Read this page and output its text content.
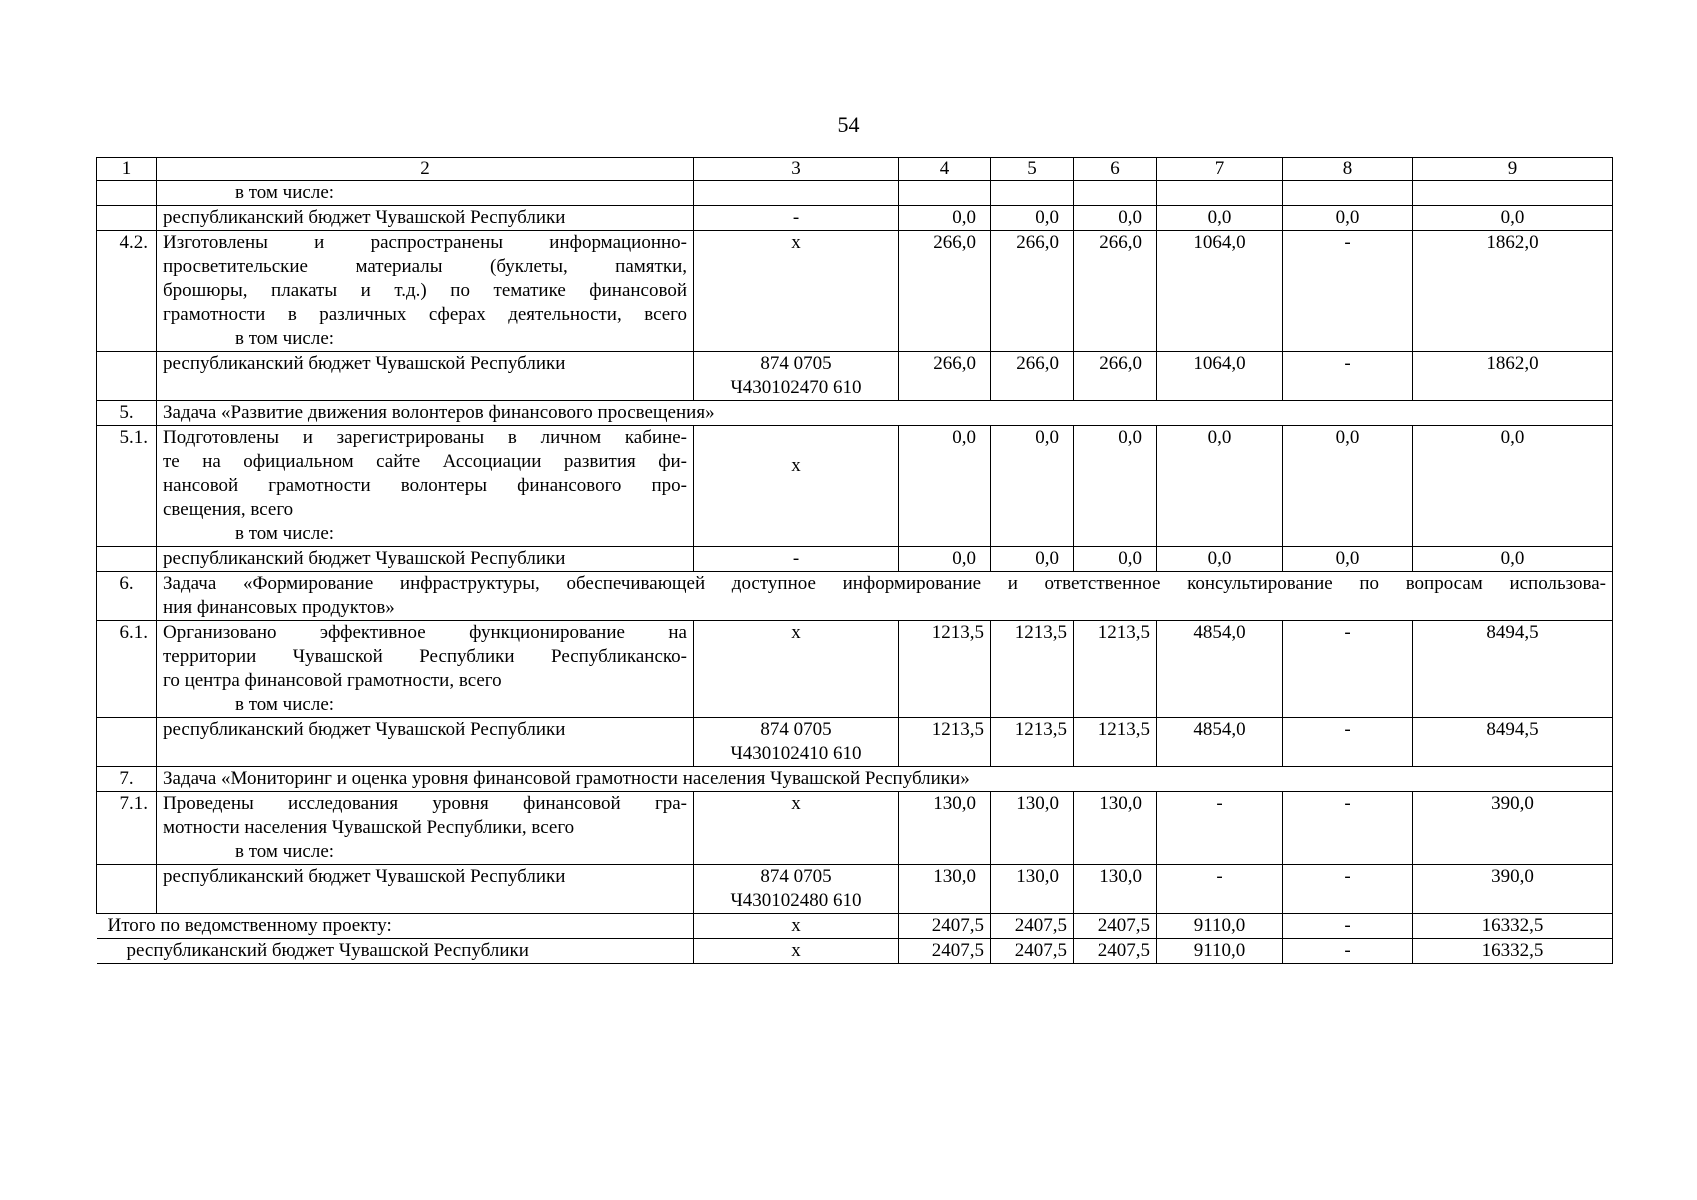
54
1	2	3	4	5	6	7	8	9

	в том числе:							

	республиканский бюджет Чувашской Республики	-	0,0	0,0	0,0	0,0	0,0	0,0
4.2.	Изготовлены и распространены информационно-
просветительские материалы (буклеты, памятки,
брошюры, плакаты и т.д.) по тематике финансовой
грамотности в различных сферах деятельности, всего
в том числе:	х	266,0	266,0	266,0	1064,0	-	1862,0
	республиканский бюджет Чувашской Республики	874 0705
Ч430102470 610	266,0	266,0	266,0	1064,0	-	1862,0
5.	Задача «Развитие движения волонтеров финансового просвещения»							
5.1.	Подготовлены и зарегистрированы в личном кабине-
те на официальном сайте Ассоциации развития фи-
нансовой грамотности волонтеры финансового про-
свещения, всего
в том числе:	х	0,0	0,0	0,0	0,0	0,0	0,0
	республиканский бюджет Чувашской Республики	-	0,0	0,0	0,0	0,0	0,0	0,0
6.	Задача «Формирование инфраструктуры, обеспечивающей доступное информирование и ответственное консультирование по вопросам использова-
ния финансовых продуктов»							

6.1.	Организовано эффективное функционирование на
территории Чувашской Республики Республиканско-
го центра финансовой грамотности, всего
в том числе:	х	1213,5	1213,5	1213,5	4854,0	-	8494,5
	республиканский бюджет Чувашской Республики	874 0705
Ч430102410 610	1213,5	1213,5	1213,5	4854,0	-	8494,5
7.	Задача «Мониторинг и оценка уровня финансовой грамотности населения Чувашской Республики»							
7.1.	Проведены исследования уровня финансовой гра-
мотности населения Чувашской Республики, всего
в том числе:	х	130,0	130,0	130,0	-	-	390,0
	республиканский бюджет Чувашской Республики	874 0705
Ч430102480 610	130,0	130,0	130,0	-	-	390,0
Итого по ведомственному проекту:		х	2407,5	2407,5	2407,5	9110,0	-	16332,5
республиканский бюджет Чувашской Республики		х	2407,5	2407,5	2407,5	9110,0	-	16332,5
